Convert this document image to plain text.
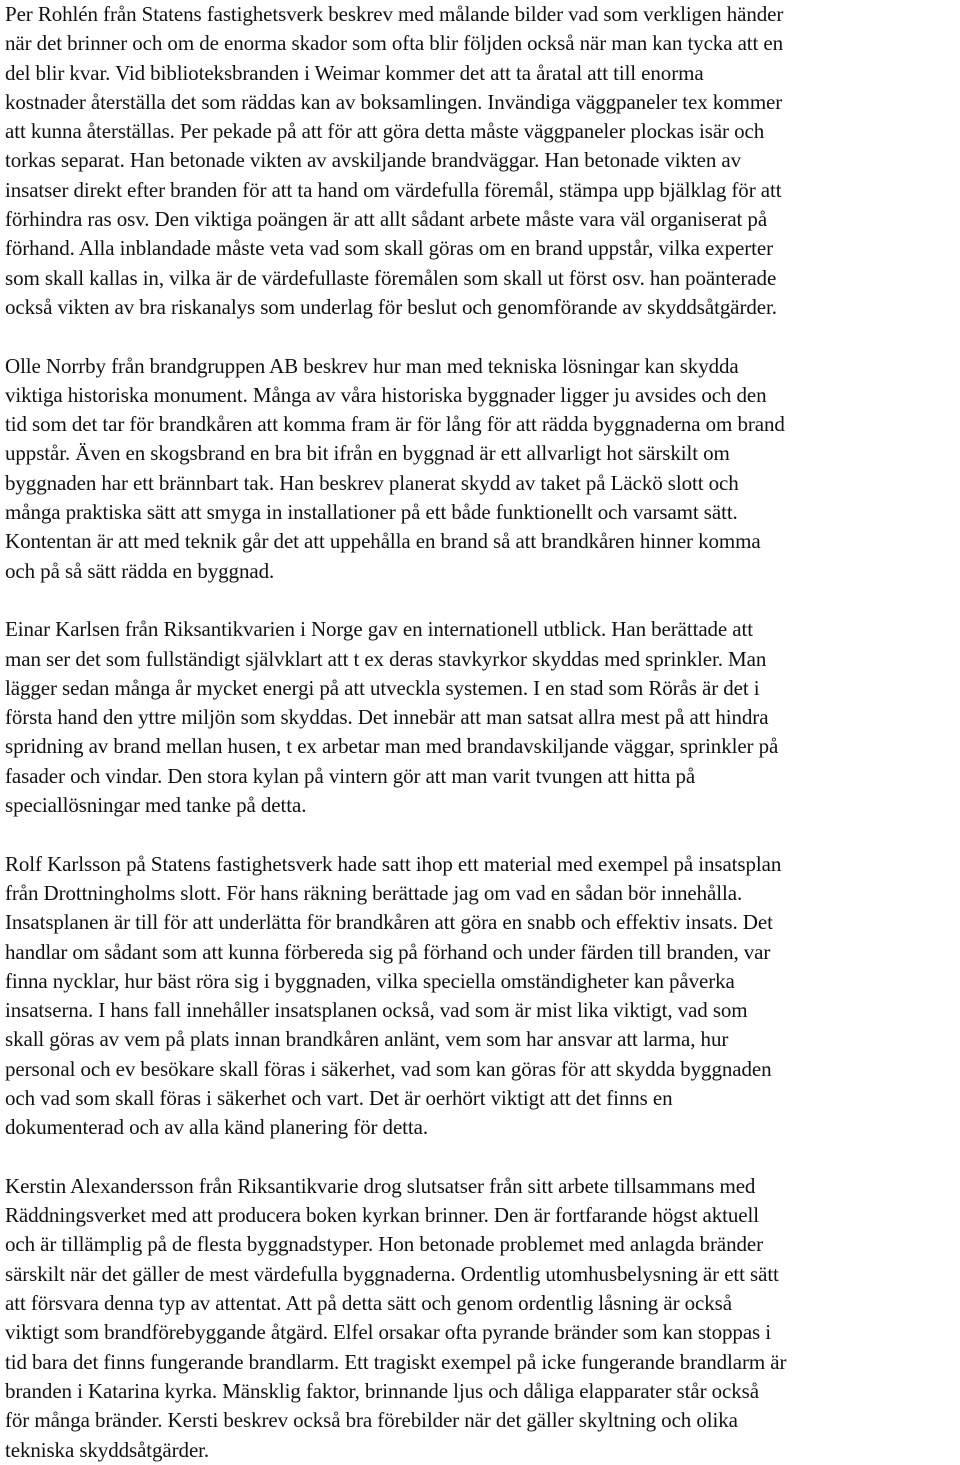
Per Rohlén från Statens fastighetsverk beskrev med målande bilder vad som verkligen händer
när det brinner och om de enorma skador som ofta blir följden också när man kan tycka att en
del blir kvar. Vid biblioteksbranden i Weimar kommer det att ta åratal att till enorma
kostnader återställa det som räddas kan av boksamlingen. Invändiga väggpaneler tex kommer
att kunna återställas. Per pekade på att för att göra detta måste väggpaneler plockas isär och
torkas separat. Han betonade vikten av avskiljande brandväggar. Han betonade vikten av
insatser direkt efter branden för att ta hand om värdefulla föremål, stämpa upp bjälklag för att
förhindra ras osv. Den viktiga poängen är att allt sådant arbete måste vara väl organiserat på
förhand. Alla inblandade måste veta vad som skall göras om en brand uppstår, vilka experter
som skall kallas in, vilka är de värdefullaste föremålen som skall ut först osv. han poänterade
också vikten av bra riskanalys som underlag för beslut och genomförande av skyddsåtgärder.
Olle Norrby från brandgruppen AB beskrev hur man med tekniska lösningar kan skydda
viktiga historiska monument. Många av våra historiska byggnader ligger ju avsides och den
tid som det tar för brandkåren att komma fram är för lång för att rädda byggnaderna om brand
uppstår. Även en skogsbrand en bra bit ifrån en byggnad är ett allvarligt hot särskilt om
byggnaden har ett brännbart tak. Han beskrev planerat skydd av taket på Läckö slott och
många praktiska sätt att smyga in installationer på ett både funktionellt och varsamt sätt.
Kontentan är att med teknik går det att uppehålla en brand så att brandkåren hinner komma
och på så sätt rädda en byggnad.
Einar Karlsen från Riksantikvarien i Norge gav en internationell utblick. Han berättade att
man ser det som fullständigt självklart att t ex deras stavkyrkor skyddas med sprinkler. Man
lägger sedan många år mycket energi på att utveckla systemen. I en stad som Rörås är det i
första hand den yttre miljön som skyddas. Det innebär att man satsat allra mest på att hindra
spridning av brand mellan husen, t ex arbetar man med brandavskiljande väggar, sprinkler på
fasader och vindar. Den stora kylan på vintern gör att man varit tvungen att hitta på
speciallösningar med tanke på detta.
Rolf Karlsson på Statens fastighetsverk hade satt ihop ett material med exempel på insatsplan
från Drottningholms slott. För hans räkning berättade jag om vad en sådan bör innehålla.
Insatsplanen är till för att underlätta för brandkåren att göra en snabb och effektiv insats. Det
handlar om sådant som att kunna förbereda sig på förhand och under färden till branden, var
finna nycklar, hur bäst röra sig i byggnaden, vilka speciella omständigheter kan påverka
insatserna. I hans fall innehåller insatsplanen också, vad som är mist lika viktigt, vad som
skall göras av vem på plats innan brandkåren anlänt, vem som har ansvar att larma, hur
personal och ev besökare skall föras i säkerhet, vad som kan göras för att skydda byggnaden
och vad som skall föras i säkerhet och vart. Det är oerhört viktigt att det finns en
dokumenterad och av alla känd planering för detta.
Kerstin Alexandersson från Riksantikvarie drog slutsatser från sitt arbete tillsammans med
Räddningsverket med att producera boken kyrkan brinner. Den är fortfarande högst aktuell
och är tillämplig på de flesta byggnadstyper. Hon betonade problemet med anlagda bränder
särskilt när det gäller de mest värdefulla byggnaderna. Ordentlig utomhusbelysning är ett sätt
att försvara denna typ av attentat. Att på detta sätt och genom ordentlig låsning är också
viktigt som brandförebyggande åtgärd. Elfel orsakar ofta pyrande bränder som kan stoppas i
tid bara det finns fungerande brandlarm. Ett tragiskt exempel på icke fungerande brandlarm är
branden i Katarina kyrka. Mänsklig faktor, brinnande ljus och dåliga elapparater står också
för många bränder. Kersti beskrev också bra förebilder när det gäller skyltning och olika
tekniska skyddsåtgärder.
